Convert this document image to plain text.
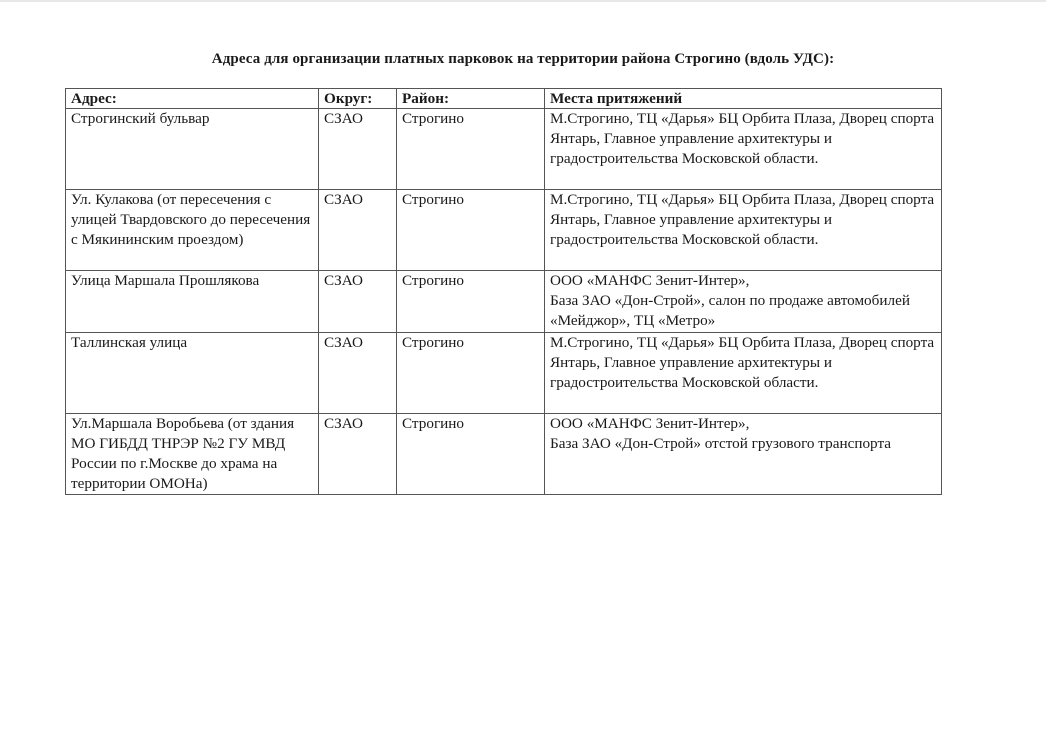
Адреса для организации платных парковок на территории района Строгино (вдоль УДС):
Адрес:	Округ:	Район:	Места притяжений
Строгинский бульвар	СЗАО	Строгино	М.Строгино, ТЦ «Дарья» БЦ Орбита Плаза, Дворец спорта Янтарь, Главное управление архитектуры и градостроительства Московской области.
Ул. Кулакова (от пересечения с улицей Твардовского до пересечения с Мякининским проездом)	СЗАО	Строгино	М.Строгино, ТЦ «Дарья» БЦ Орбита Плаза, Дворец спорта Янтарь, Главное управление архитектуры и градостроительства Московской области.
Улица Маршала Прошлякова	СЗАО	Строгино	ООО «МАНФС Зенит-Интер»,
База ЗАО «Дон-Строй», салон по продаже автомобилей «Мейджор», ТЦ «Метро»

Таллинская улица	СЗАО	Строгино	М.Строгино, ТЦ «Дарья» БЦ Орбита Плаза, Дворец спорта Янтарь, Главное управление архитектуры и градостроительства Московской области.
Ул.Маршала Воробьева (от здания МО ГИБДД ТНРЭР №2 ГУ МВД России по г.Москве до храма на территории ОМОНа)	СЗАО	Строгино	ООО «МАНФС Зенит-Интер»,
База ЗАО «Дон-Строй» отстой грузового транспорта
